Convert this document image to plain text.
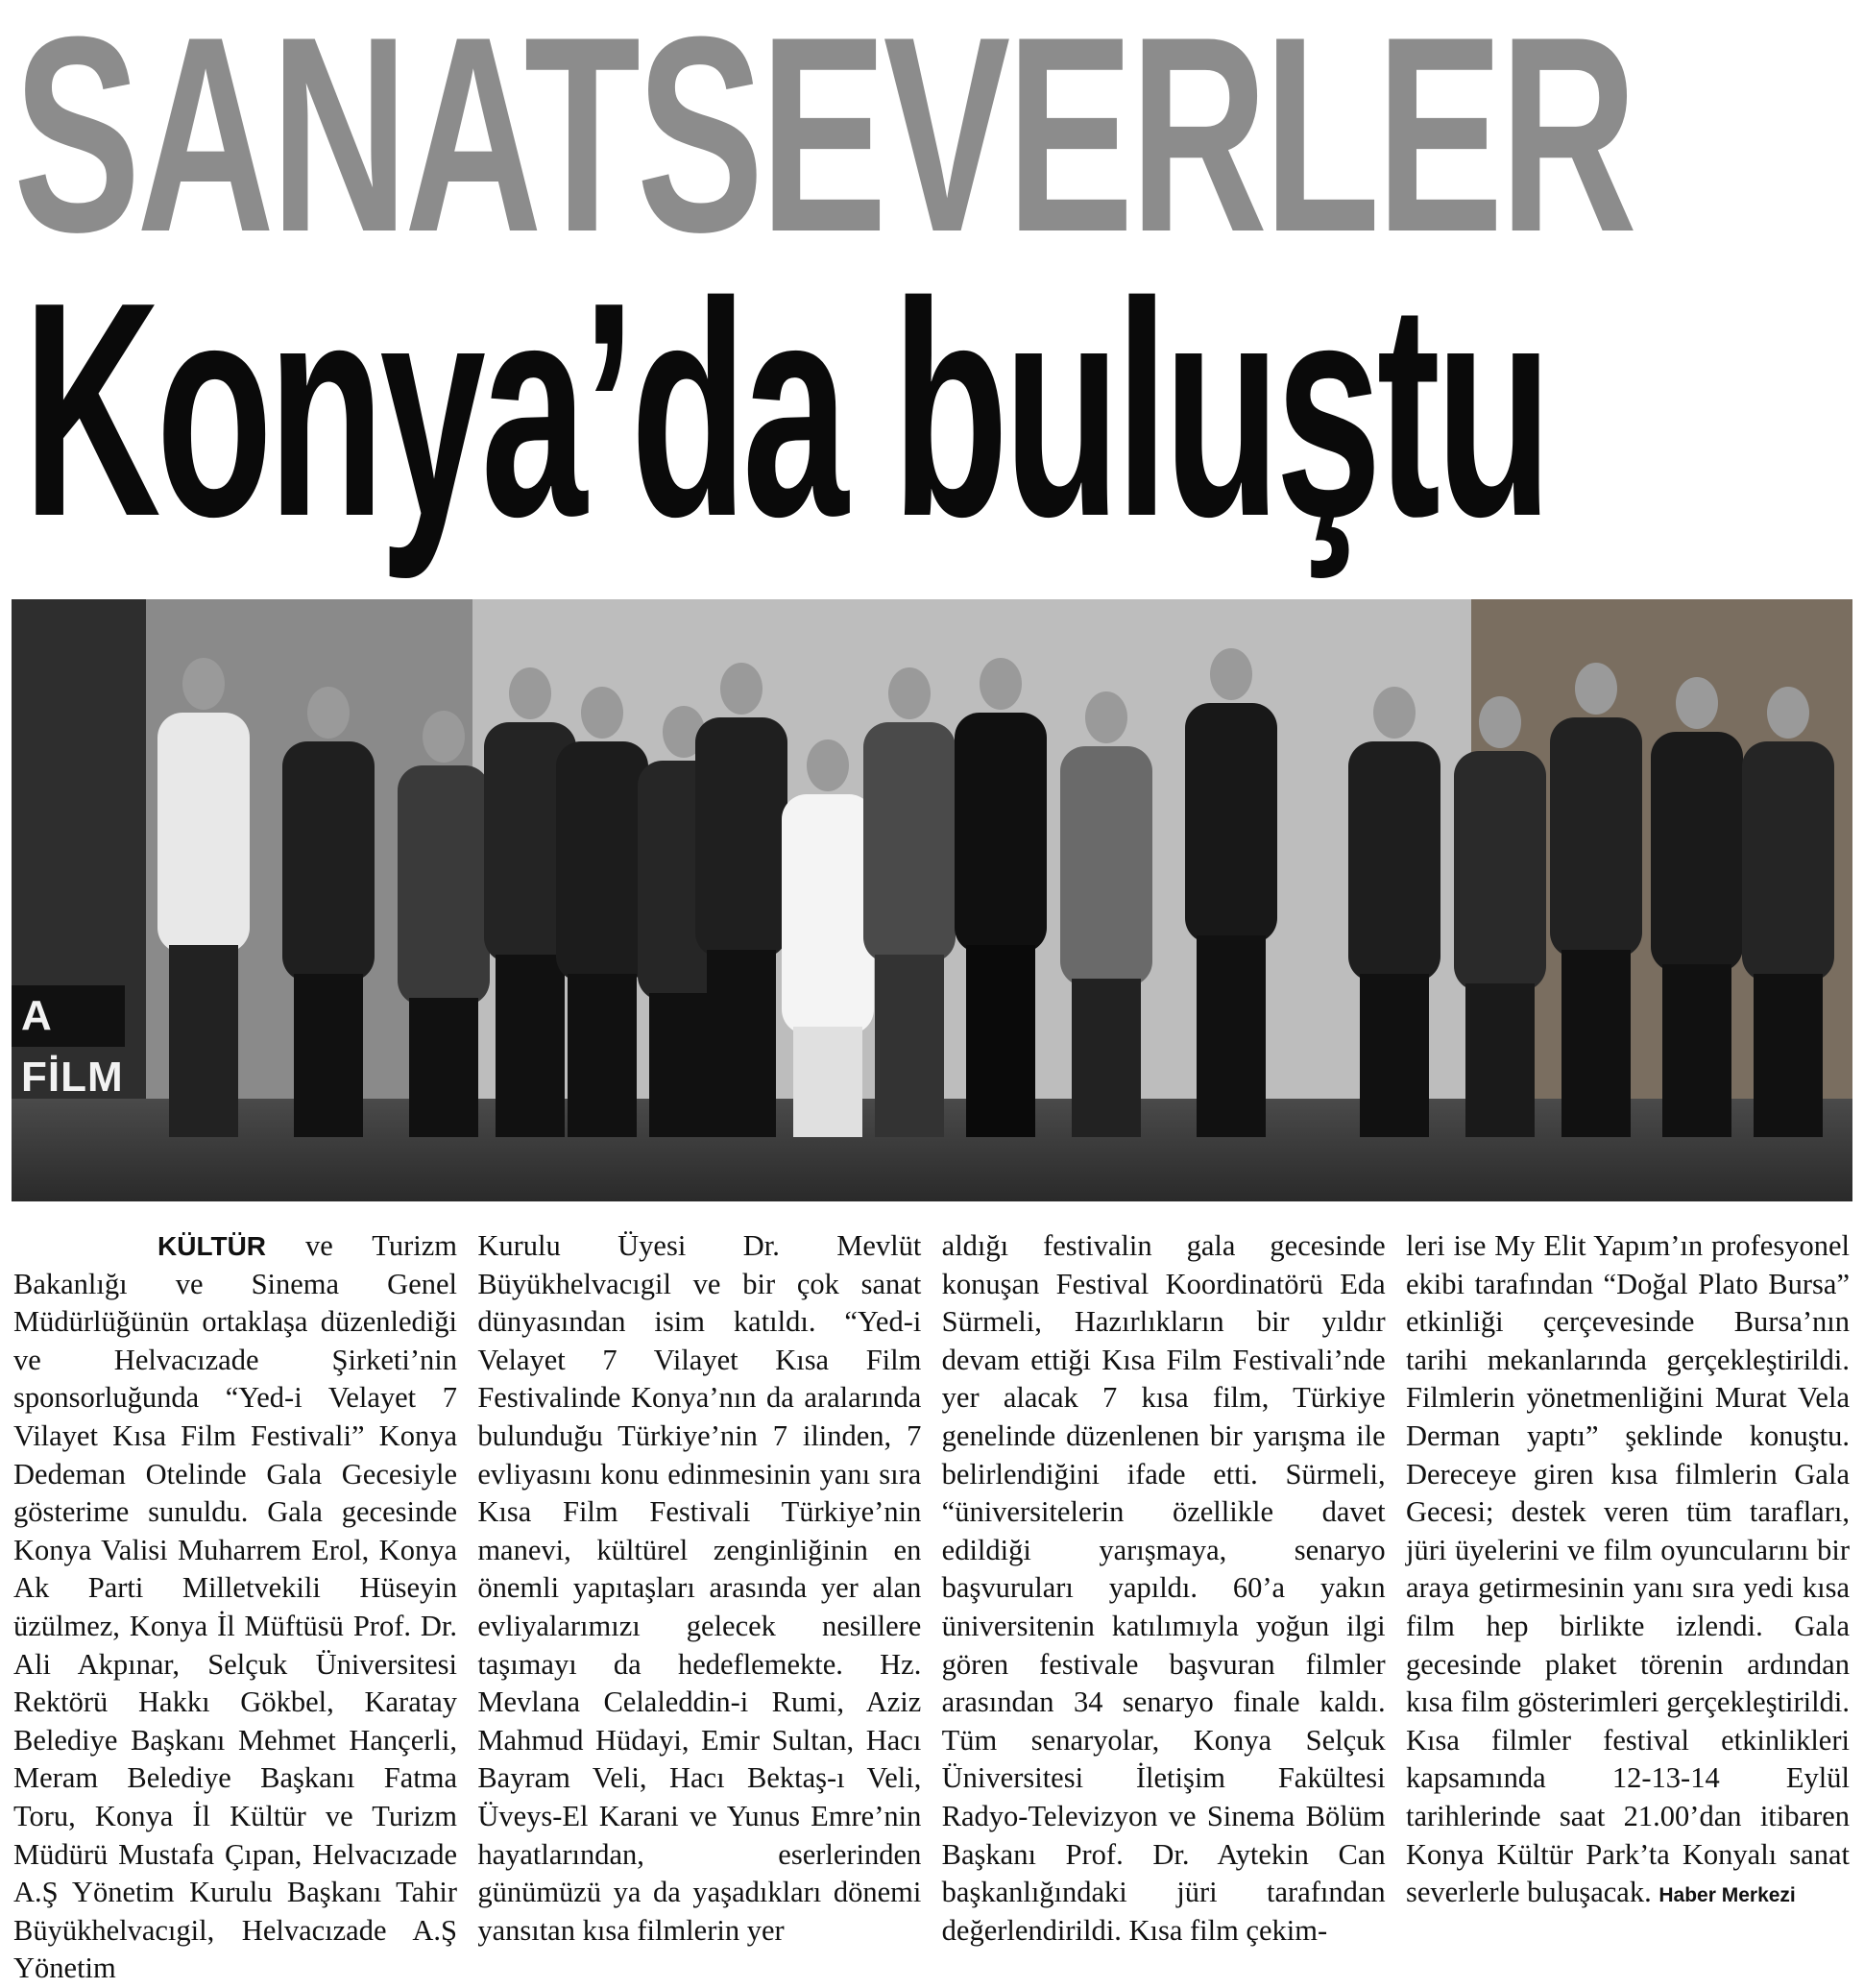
SANATSEVERLER
Konya’da buluştu
A FİLM

KÜLTÜR ve Turizm Bakanlığı ve Sinema Genel Müdürlüğünün ortaklaşa düzenlediği ve Helvacızade Şirketi’nin sponsorluğunda “Yed-i Velayet 7 Vilayet Kısa Film Festivali” Konya Dedeman Otelinde Gala Gecesiyle gösterime sunuldu. Gala gecesinde Konya Valisi Muharrem Erol, Konya Ak Parti Milletvekili Hüseyin üzülmez, Konya İl Müftüsü Prof. Dr. Ali Akpınar, Selçuk Üniversitesi Rektörü Hakkı Gökbel, Karatay Belediye Başkanı Mehmet Hançerli, Meram Belediye Başkanı Fatma Toru, Konya İl Kültür ve Turizm Müdürü Mustafa Çıpan, Helvacızade A.Ş Yönetim Kurulu Başkanı Tahir Büyükhelvacıgil, Helvacızade A.Ş Yönetim

Kurulu Üyesi Dr. Mevlüt Büyükhelvacıgil ve bir çok sanat dünyasından isim katıldı. “Yed-i Velayet 7 Vilayet Kısa Film Festivalinde Konya’nın da aralarında bulunduğu Türkiye’nin 7 ilinden, 7 evliyasını konu edinmesinin yanı sıra Kısa Film Festivali Türkiye’nin manevi, kültürel zenginliğinin en önemli yapıtaşları arasında yer alan evliyalarımızı gelecek nesillere taşımayı da hedeflemekte. Hz. Mevlana Celaleddin-i Rumi, Aziz Mahmud Hüdayi, Emir Sultan, Hacı Bayram Veli, Hacı Bektaş-ı Veli, Üveys-El Karani ve Yunus Emre’nin hayatlarından, eserlerinden günümüzü ya da yaşadıkları dönemi yansıtan kısa filmlerin yer

aldığı festivalin gala gecesinde konuşan Festival Koordinatörü Eda Sürmeli, Hazırlıkların bir yıldır devam ettiği Kısa Film Festivali’nde yer alacak 7 kısa film, Türkiye genelinde düzenlenen bir yarışma ile belirlendiğini ifade etti. Sürmeli, “üniversitelerin özellikle davet edildiği yarışmaya, senaryo başvuruları yapıldı. 60’a yakın üniversitenin katılımıyla yoğun ilgi gören festivale başvuran filmler arasından 34 senaryo finale kaldı. Tüm senaryolar, Konya Selçuk Üniversitesi İletişim Fakültesi Radyo-Televizyon ve Sinema Bölüm Başkanı Prof. Dr. Aytekin Can başkanlığındaki jüri tarafından değerlendirildi. Kısa film çekim-

leri ise My Elit Yapım’ın profesyonel ekibi tarafından “Doğal Plato Bursa” etkinliği çerçevesinde Bursa’nın tarihi mekanlarında gerçekleştirildi. Filmlerin yönetmenliğini Murat Vela Derman yaptı” şeklinde konuştu. Dereceye giren kısa filmlerin Gala Gecesi; destek veren tüm tarafları, jüri üyelerini ve film oyuncularını bir araya getirmesinin yanı sıra yedi kısa film hep birlikte izlendi. Gala gecesinde plaket törenin ardından kısa film gösterimleri gerçekleştirildi. Kısa filmler festival etkinlikleri kapsamında 12-13-14 Eylül tarihlerinde saat 21.00’dan itibaren Konya Kültür Park’ta Konyalı sanat severlerle buluşacak. Haber Merkezi
